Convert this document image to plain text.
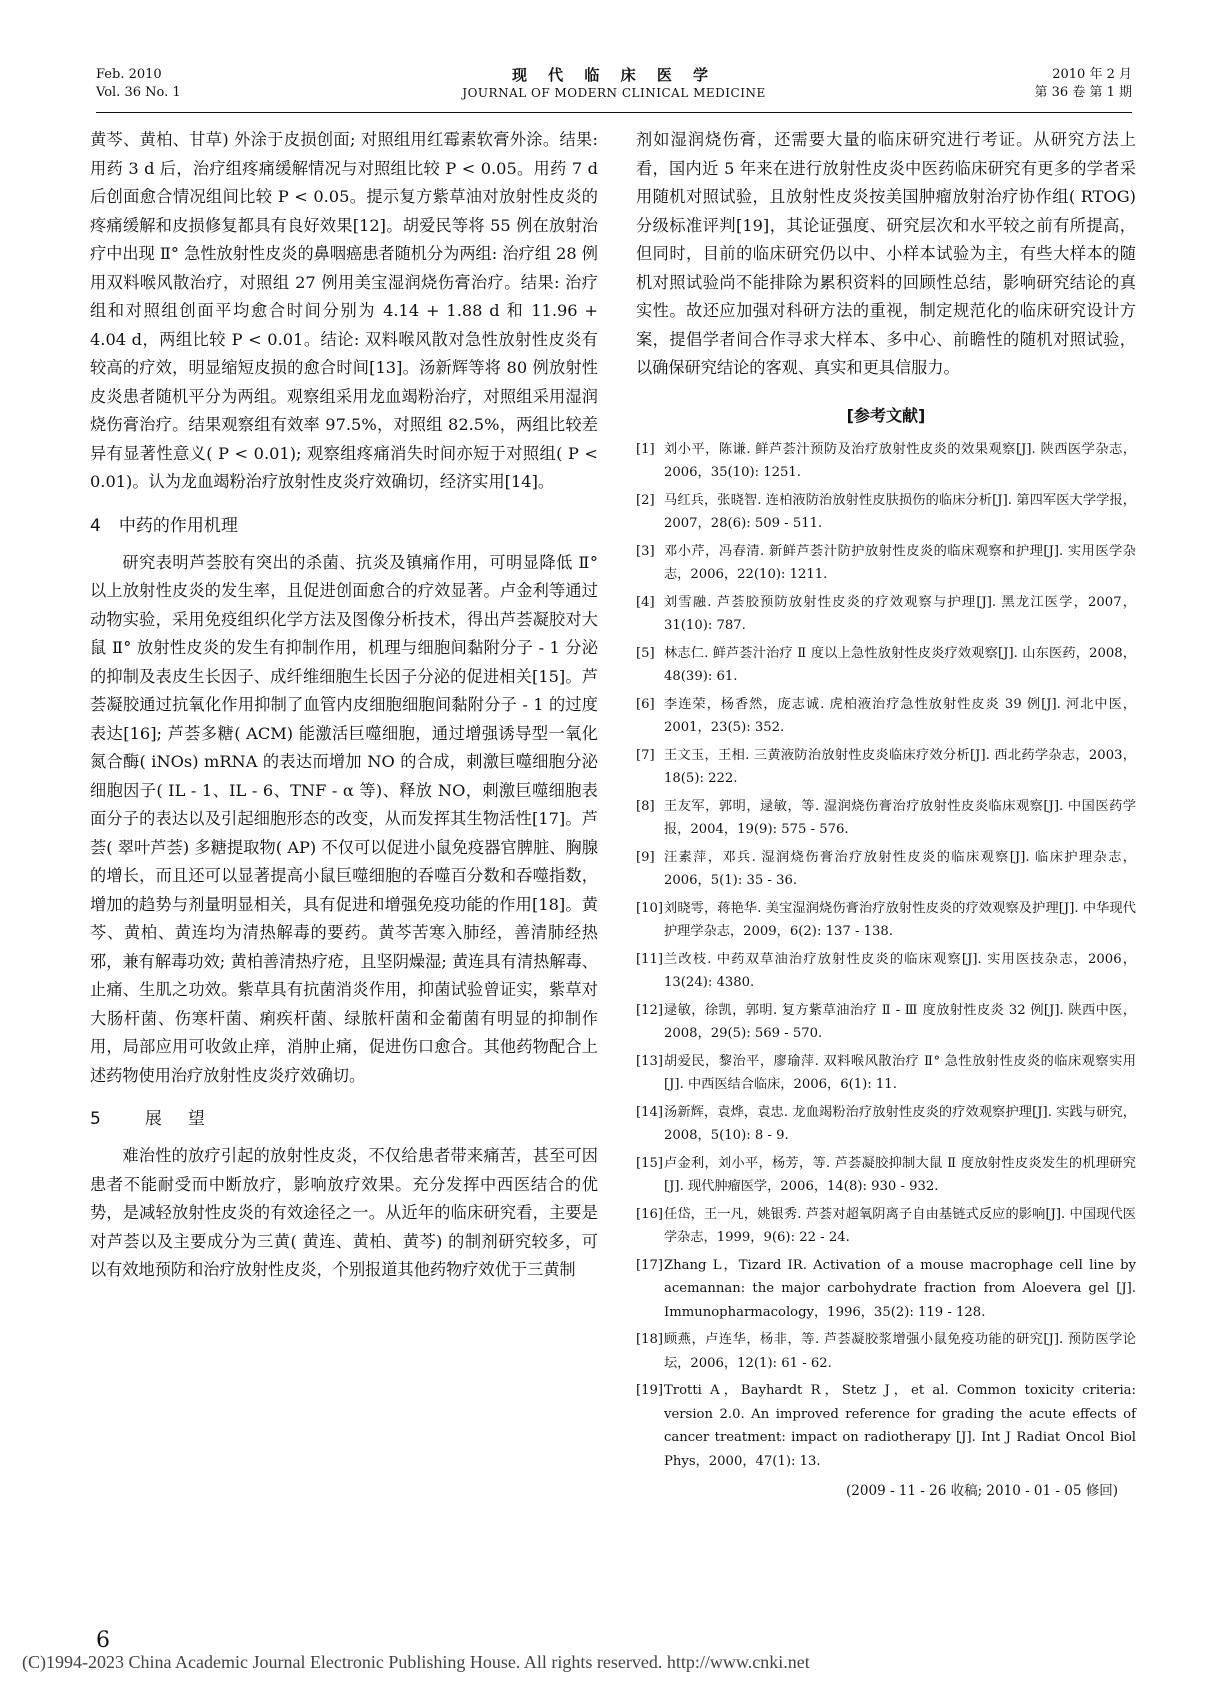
Feb. 2010
Vol. 36 No. 1
现 代 临 床 医 学
JOURNAL OF MODERN CLINICAL MEDICINE
2010 年 2 月
第 36 卷 第 1 期

黄芩、黄柏、甘草) 外涂于皮损创面; 对照组用红霉素软膏外涂。结果: 用药 3 d 后，治疗组疼痛缓解情况与对照组比较 P < 0.05。用药 7 d 后创面愈合情况组间比较 P < 0.05。提示复方紫草油对放射性皮炎的疼痛缓解和皮损修复都具有良好效果[12]。胡爱民等将 55 例在放射治疗中出现 Ⅱ° 急性放射性皮炎的鼻咽癌患者随机分为两组: 治疗组 28 例用双料喉风散治疗，对照组 27 例用美宝湿润烧伤膏治疗。结果: 治疗组和对照组创面平均愈合时间分别为 4.14 + 1.88 d 和 11.96 + 4.04 d，两组比较 P < 0.01。结论: 双料喉风散对急性放射性皮炎有较高的疗效，明显缩短皮损的愈合时间[13]。汤新辉等将 80 例放射性皮炎患者随机平分为两组。观察组采用龙血竭粉治疗，对照组采用湿润烧伤膏治疗。结果观察组有效率 97.5%，对照组 82.5%，两组比较差异有显著性意义( P < 0.01); 观察组疼痛消失时间亦短于对照组( P < 0.01)。认为龙血竭粉治疗放射性皮炎疗效确切，经济实用[14]。

4 中药的作用机理

研究表明芦荟胶有突出的杀菌、抗炎及镇痛作用，可明显降低 Ⅱ° 以上放射性皮炎的发生率，且促进创面愈合的疗效显著。卢金利等通过动物实验，采用免疫组织化学方法及图像分析技术，得出芦荟凝胶对大鼠 Ⅱ° 放射性皮炎的发生有抑制作用，机理与细胞间黏附分子 - 1 分泌的抑制及表皮生长因子、成纤维细胞生长因子分泌的促进相关[15]。芦荟凝胶通过抗氧化作用抑制了血管内皮细胞细胞间黏附分子 - 1 的过度表达[16]; 芦荟多糖( ACM) 能激活巨噬细胞，通过增强诱导型一氧化氮合酶( iNOs) mRNA 的表达而增加 NO 的合成，刺激巨噬细胞分泌细胞因子( IL - 1、IL - 6、TNF - α 等)、释放 NO，刺激巨噬细胞表面分子的表达以及引起细胞形态的改变，从而发挥其生物活性[17]。芦荟( 翠叶芦荟) 多糖提取物( AP) 不仅可以促进小鼠免疫器官脾脏、胸腺的增长，而且还可以显著提高小鼠巨噬细胞的吞噬百分数和吞噬指数，增加的趋势与剂量明显相关，具有促进和增强免疫功能的作用[18]。黄芩、黄柏、黄连均为清热解毒的要药。黄芩苦寒入肺经，善清肺经热邪，兼有解毒功效; 黄柏善清热疗疮，且坚阴燥湿; 黄连具有清热解毒、止痛、生肌之功效。紫草具有抗菌消炎作用，抑菌试验曾证实，紫草对大肠杆菌、伤寒杆菌、痢疾杆菌、绿脓杆菌和金葡菌有明显的抑制作用，局部应用可收敛止痒，消肿止痛，促进伤口愈合。其他药物配合上述药物使用治疗放射性皮炎疗效确切。

5 展望

难治性的放疗引起的放射性皮炎，不仅给患者带来痛苦，甚至可因患者不能耐受而中断放疗，影响放疗效果。充分发挥中西医结合的优势，是减轻放射性皮炎的有效途径之一。从近年的临床研究看，主要是对芦荟以及主要成分为三黄( 黄连、黄柏、黄芩) 的制剂研究较多，可以有效地预防和治疗放射性皮炎，个别报道其他药物疗效优于三黄制

剂如湿润烧伤膏，还需要大量的临床研究进行考证。从研究方法上看，国内近 5 年来在进行放射性皮炎中医药临床研究有更多的学者采用随机对照试验，且放射性皮炎按美国肿瘤放射治疗协作组( RTOG) 分级标准评判[19]，其论证强度、研究层次和水平较之前有所提高，但同时，目前的临床研究仍以中、小样本试验为主，有些大样本的随机对照试验尚不能排除为累积资料的回顾性总结，影响研究结论的真实性。故还应加强对科研方法的重视，制定规范化的临床研究设计方案，提倡学者间合作寻求大样本、多中心、前瞻性的随机对照试验，以确保研究结论的客观、真实和更具信服力。

[参考文献]
[1] 刘小平，陈谦. 鲜芦荟汁预防及治疗放射性皮炎的效果观察[J]. 陕西医学杂志，2006，35(10): 1251.
[2] 马红兵，张晓智. 连柏液防治放射性皮肤损伤的临床分析[J]. 第四军医大学学报，2007，28(6): 509 - 511.
[3] 邓小芹，冯春清. 新鲜芦荟汁防护放射性皮炎的临床观察和护理[J]. 实用医学杂志，2006，22(10): 1211.
[4] 刘雪融. 芦荟胶预防放射性皮炎的疗效观察与护理[J]. 黑龙江医学，2007，31(10): 787.
[5] 林志仁. 鲜芦荟汁治疗 Ⅱ 度以上急性放射性皮炎疗效观察[J]. 山东医药，2008，48(39): 61.
[6] 李连荣，杨香然，庞志诚. 虎柏液治疗急性放射性皮炎 39 例[J]. 河北中医，2001，23(5): 352.
[7] 王文玉，王相. 三黄液防治放射性皮炎临床疗效分析[J]. 西北药学杂志，2003，18(5): 222.
[8] 王友军，郭明，逯敏，等. 湿润烧伤膏治疗放射性皮炎临床观察[J]. 中国医药学报，2004，19(9): 575 - 576.
[9] 汪素萍，邓兵. 湿润烧伤膏治疗放射性皮炎的临床观察[J]. 临床护理杂志，2006，5(1): 35 - 36.
[10] 刘晓雩，蒋艳华. 美宝湿润烧伤膏治疗放射性皮炎的疗效观察及护理[J]. 中华现代护理学杂志，2009，6(2): 137 - 138.
[11] 兰改枝. 中药双草油治疗放射性皮炎的临床观察[J]. 实用医技杂志，2006，13(24): 4380.
[12] 逯敏，徐凯，郭明. 复方紫草油治疗 Ⅱ - Ⅲ 度放射性皮炎 32 例[J]. 陕西中医，2008，29(5): 569 - 570.
[13] 胡爱民，黎治平，廖瑜萍. 双料喉风散治疗 Ⅱ° 急性放射性皮炎的临床观察实用[J]. 中西医结合临床，2006，6(1): 11.
[14] 汤新辉，袁烨，袁忠. 龙血竭粉治疗放射性皮炎的疗效观察护理[J]. 实践与研究，2008，5(10): 8 - 9.
[15] 卢金利，刘小平，杨芳，等. 芦荟凝胶抑制大鼠 Ⅱ 度放射性皮炎发生的机理研究[J]. 现代肿瘤医学，2006，14(8): 930 - 932.
[16] 任岱，王一凡，姚银秀. 芦荟对超氧阴离子自由基链式反应的影响[J]. 中国现代医学杂志，1999，9(6): 22 - 24.
[17] Zhang L，Tizard IR. Activation of a mouse macrophage cell line by acemannan: the major carbohydrate fraction from Aloevera gel [J]. Immunopharmacology，1996，35(2): 119 - 128.
[18] 顾燕，卢连华，杨非，等. 芦荟凝胶浆增强小鼠免疫功能的研究[J]. 预防医学论坛，2006，12(1): 61 - 62.
[19] Trotti A，Bayhardt R，Stetz J，et al. Common toxicity criteria: version 2.0. An improved reference for grading the acute effects of cancer treatment: impact on radiotherapy [J]. Int J Radiat Oncol Biol Phys，2000，47(1): 13.
(2009 - 11 - 26 收稿; 2010 - 01 - 05 修回)
6
(C)1994-2023 China Academic Journal Electronic Publishing House. All rights reserved. http://www.cnki.net
